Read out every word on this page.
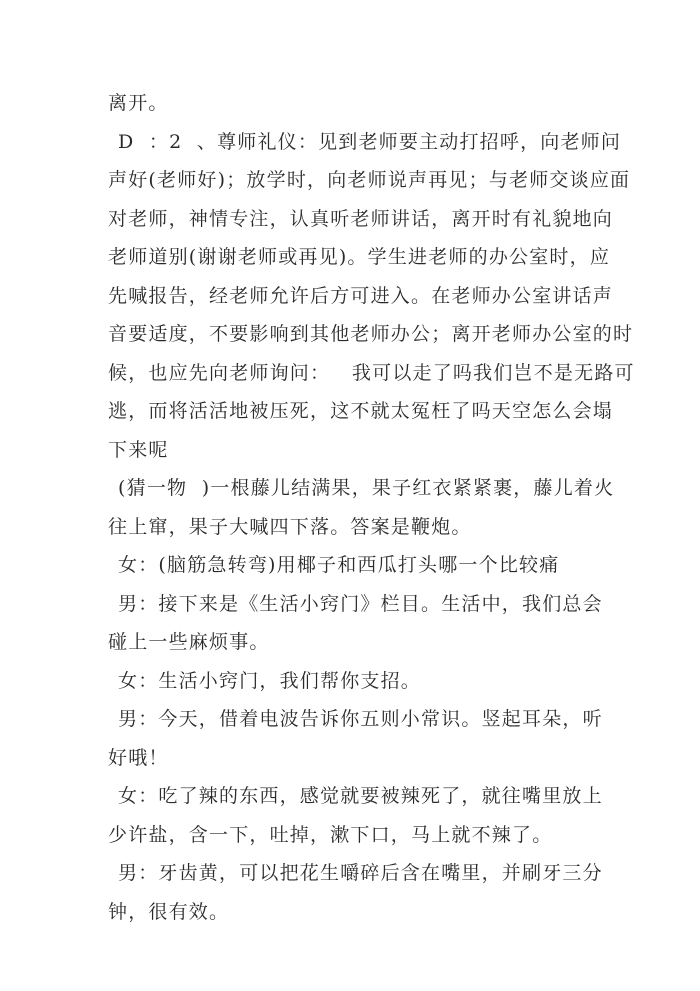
离开。
D  ：2  、尊师礼仪：见到老师要主动打招呼，向老师问
声好(老师好)；放学时，向老师说声再见；与老师交谈应面
对老师，神情专注，认真听老师讲话，离开时有礼貌地向
老师道别(谢谢老师或再见)。学生进老师的办公室时，应
先喊报告，经老师允许后方可进入。在老师办公室讲话声
音要适度，不要影响到其他老师办公；离开老师办公室的时
候，也应先向老师询问：   我可以走了吗我们岂不是无路可
逃，而将活活地被压死，这不就太冤枉了吗天空怎么会塌
下来呢
(猜一物  )一根藤儿结满果，果子红衣紧紧裹，藤儿着火
往上窜，果子大喊四下落。答案是鞭炮。
女：(脑筋急转弯)用椰子和西瓜打头哪一个比较痛
男：接下来是《生活小窍门》栏目。生活中，我们总会
碰上一些麻烦事。
女：生活小窍门，我们帮你支招。
男：今天，借着电波告诉你五则小常识。竖起耳朵，听
好哦！
女：吃了辣的东西，感觉就要被辣死了，就往嘴里放上
少许盐，含一下，吐掉，漱下口，马上就不辣了。
男：牙齿黄，可以把花生嚼碎后含在嘴里，并刷牙三分
钟，很有效。
